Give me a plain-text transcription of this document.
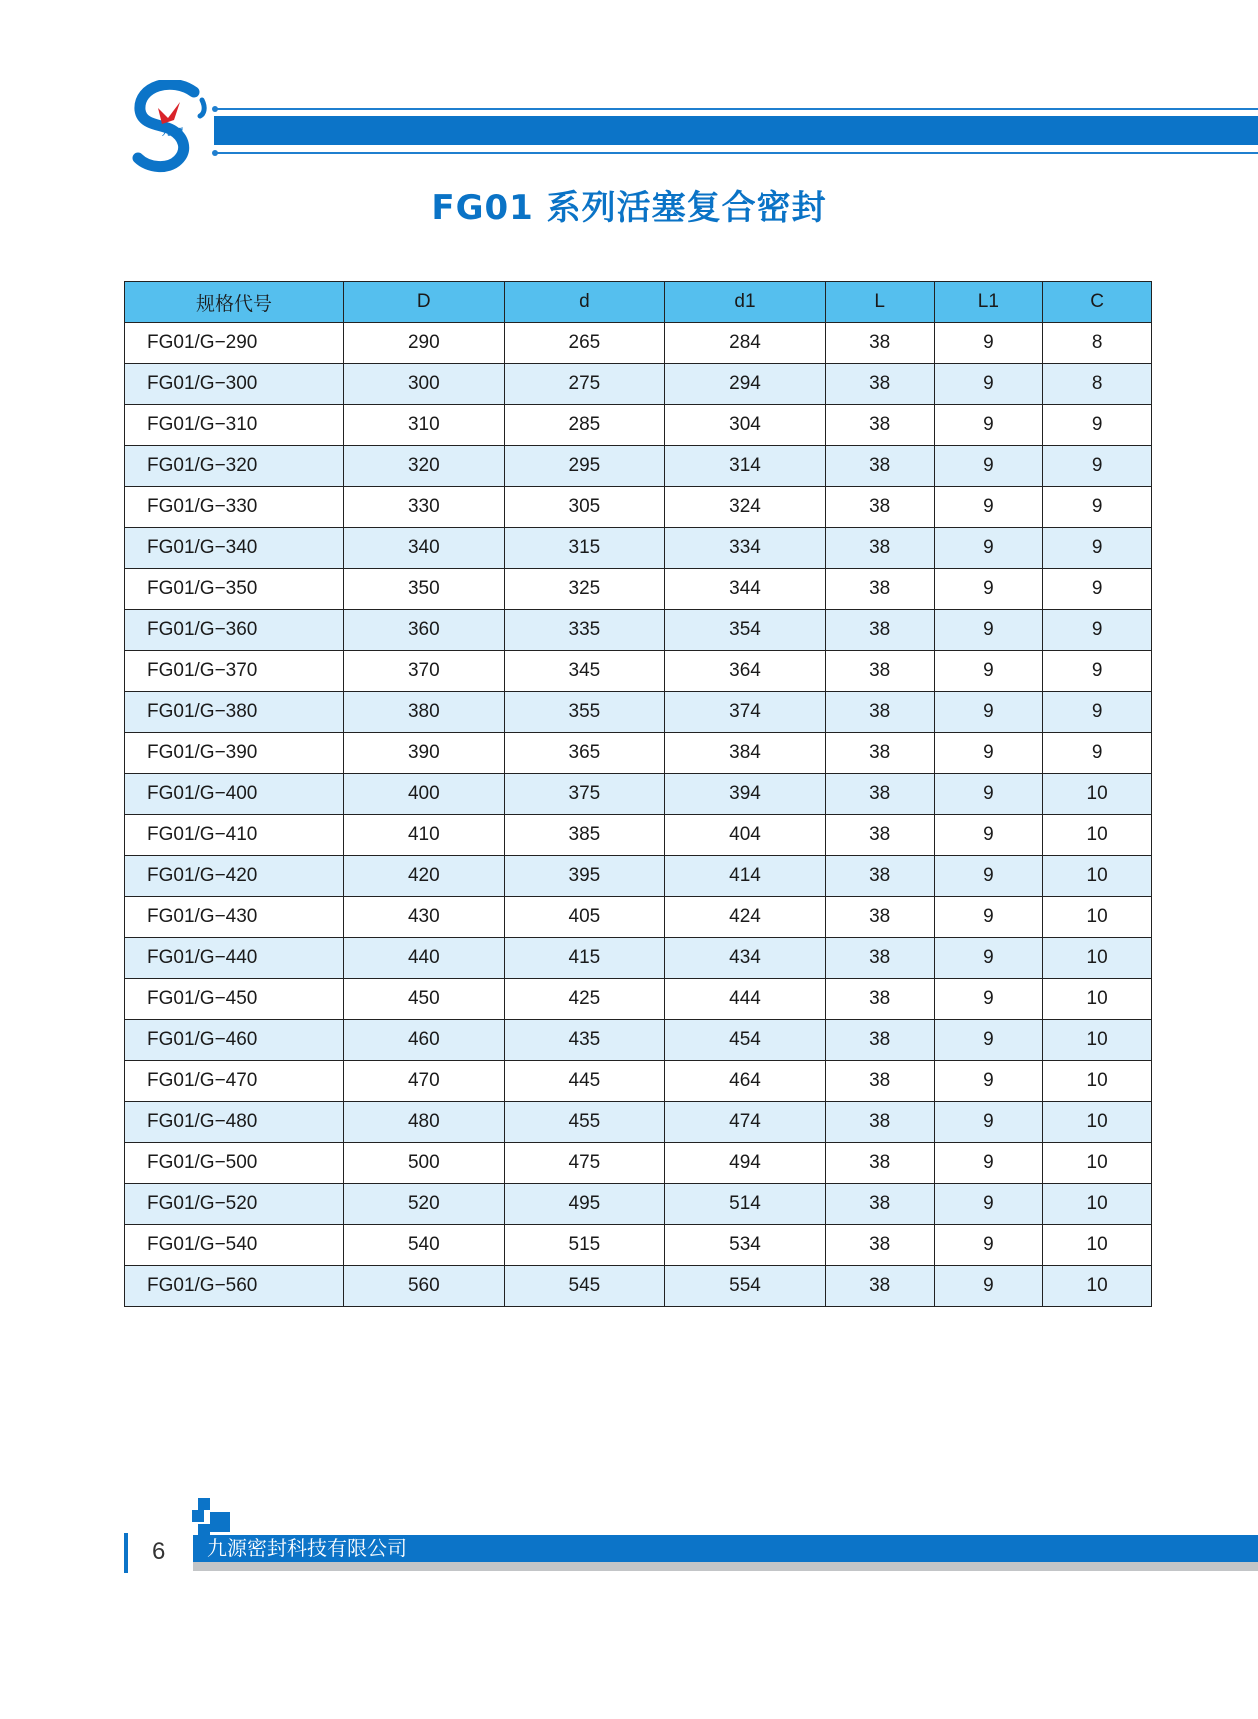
九 源
FG01 系列活塞复合密封
规格代号	D	d	d1	L	L1	C
FG01/G−290	290	265	284	38	9	8
FG01/G−300	300	275	294	38	9	8
FG01/G−310	310	285	304	38	9	9
FG01/G−320	320	295	314	38	9	9
FG01/G−330	330	305	324	38	9	9
FG01/G−340	340	315	334	38	9	9
FG01/G−350	350	325	344	38	9	9
FG01/G−360	360	335	354	38	9	9
FG01/G−370	370	345	364	38	9	9
FG01/G−380	380	355	374	38	9	9
FG01/G−390	390	365	384	38	9	9
FG01/G−400	400	375	394	38	9	10
FG01/G−410	410	385	404	38	9	10
FG01/G−420	420	395	414	38	9	10
FG01/G−430	430	405	424	38	9	10
FG01/G−440	440	415	434	38	9	10
FG01/G−450	450	425	444	38	9	10
FG01/G−460	460	435	454	38	9	10
FG01/G−470	470	445	464	38	9	10
FG01/G−480	480	455	474	38	9	10
FG01/G−500	500	475	494	38	9	10
FG01/G−520	520	495	514	38	9	10
FG01/G−540	540	515	534	38	9	10
FG01/G−560	560	545	554	38	9	10
6	九源密封科技有限公司
